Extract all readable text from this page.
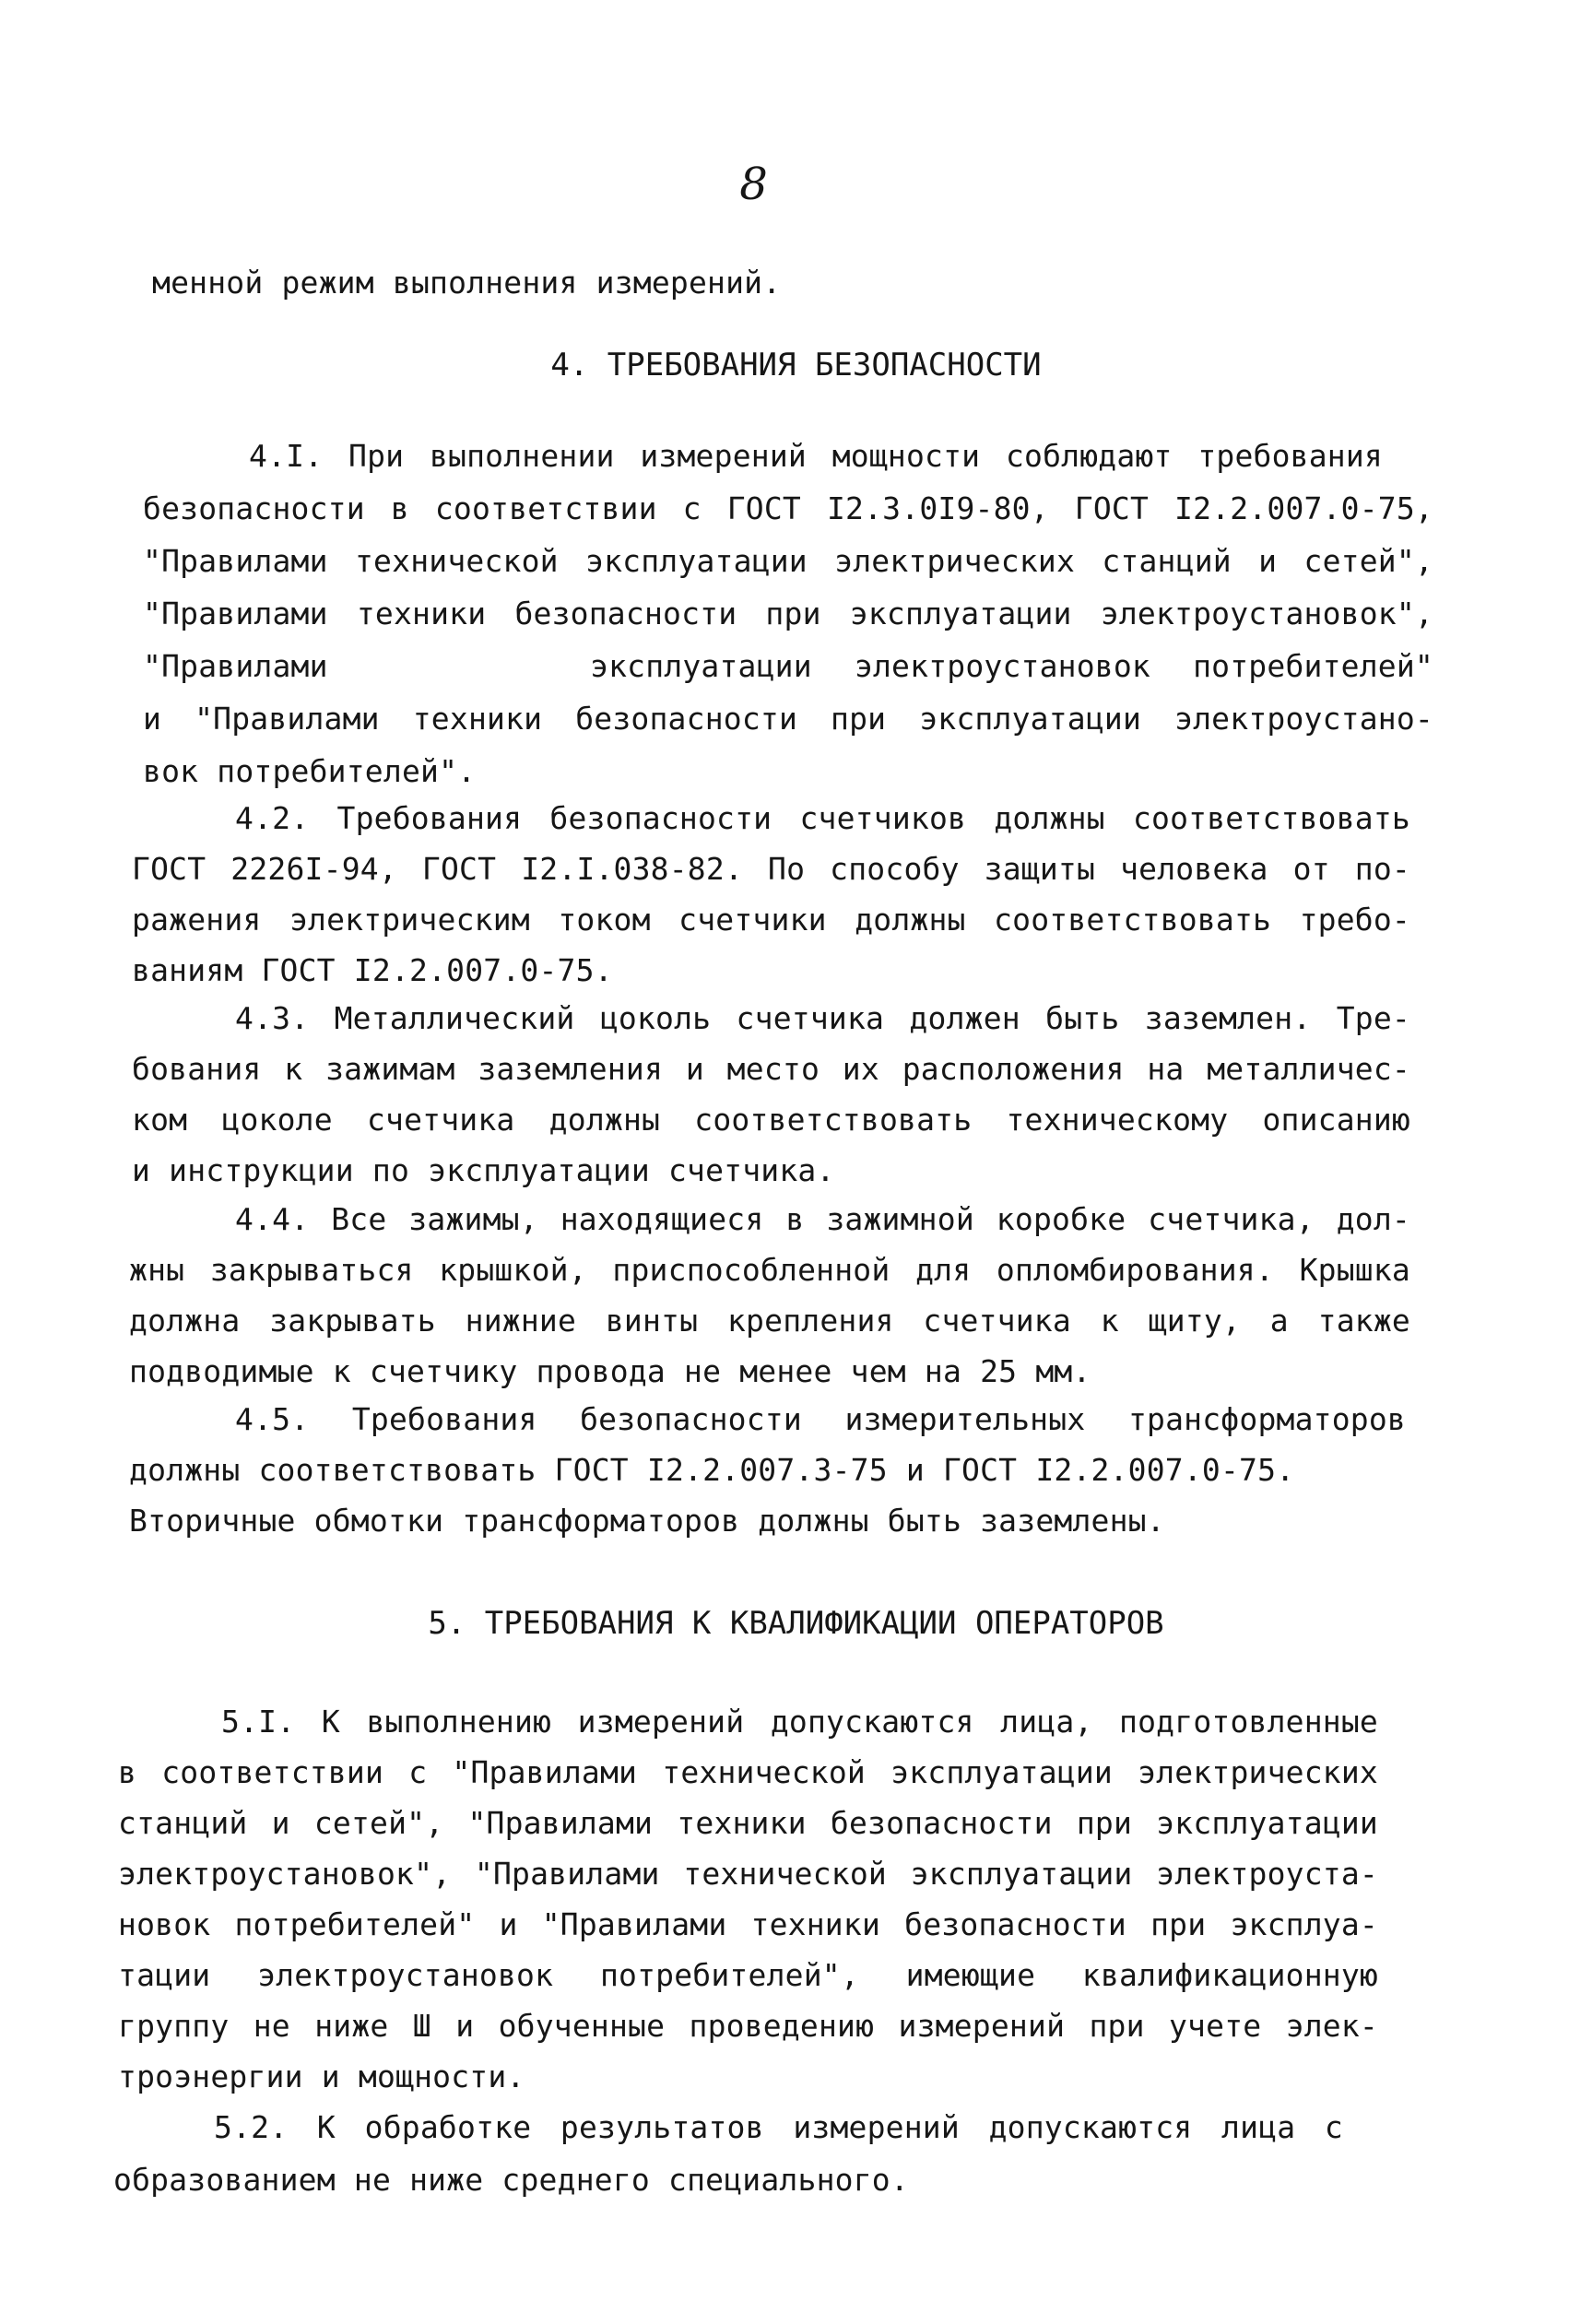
8
менной режим выполнения измерений.
4. ТРЕБОВАНИЯ БЕЗОПАСНОСТИ
4.I. При выполнении измерений мощности соблюдают требования
безопасности в соответствии с ГОСТ I2.3.0I9-80, ГОСТ I2.2.007.0-75,
"Правилами технической эксплуатации электрических станций и сетей",
"Правилами техники безопасности при эксплуатации электроустановок",
"Правилами	эксплуатации электроустановок потребителей"
и "Правилами техники безопасности при эксплуатации электроустано-
вок потребителей".
4.2. Требования безопасности счетчиков должны соответствовать
ГОСТ 2226I-94, ГОСТ I2.I.038-82. По способу защиты человека от по-
ражения электрическим током счетчики должны соответствовать требо-
ваниям ГОСТ I2.2.007.0-75.
4.3. Металлический цоколь счетчика должен быть заземлен. Тре-
бования к зажимам заземления и место их расположения на металличес-
ком цоколе счетчика должны соответствовать техническому описанию
и инструкции по эксплуатации счетчика.
4.4. Все зажимы, находящиеся в зажимной коробке счетчика, дол-
жны закрываться крышкой, приспособленной для опломбирования. Крышка
должна закрывать нижние винты крепления счетчика к щиту, а также
подводимые к счетчику провода не менее чем на 25 мм.
4.5. Требования безопасности измерительных трансформаторов
должны соответствовать ГОСТ I2.2.007.3-75 и ГОСТ I2.2.007.0-75.
Вторичные обмотки трансформаторов должны быть заземлены.
5. ТРЕБОВАНИЯ К КВАЛИФИКАЦИИ ОПЕРАТОРОВ
5.I. К выполнению измерений допускаются лица, подготовленные
в соответствии с "Правилами технической эксплуатации электрических
станций и сетей", "Правилами техники безопасности при эксплуатации
электроустановок", "Правилами технической эксплуатации электроуста-
новок потребителей" и "Правилами техники безопасности при эксплуа-
тации электроустановок потребителей", имеющие квалификационную
группу не ниже Ш и обученные проведению измерений при учете элек-
троэнергии и мощности.
5.2. К обработке результатов измерений допускаются лица с
образованием не ниже среднего специального.
